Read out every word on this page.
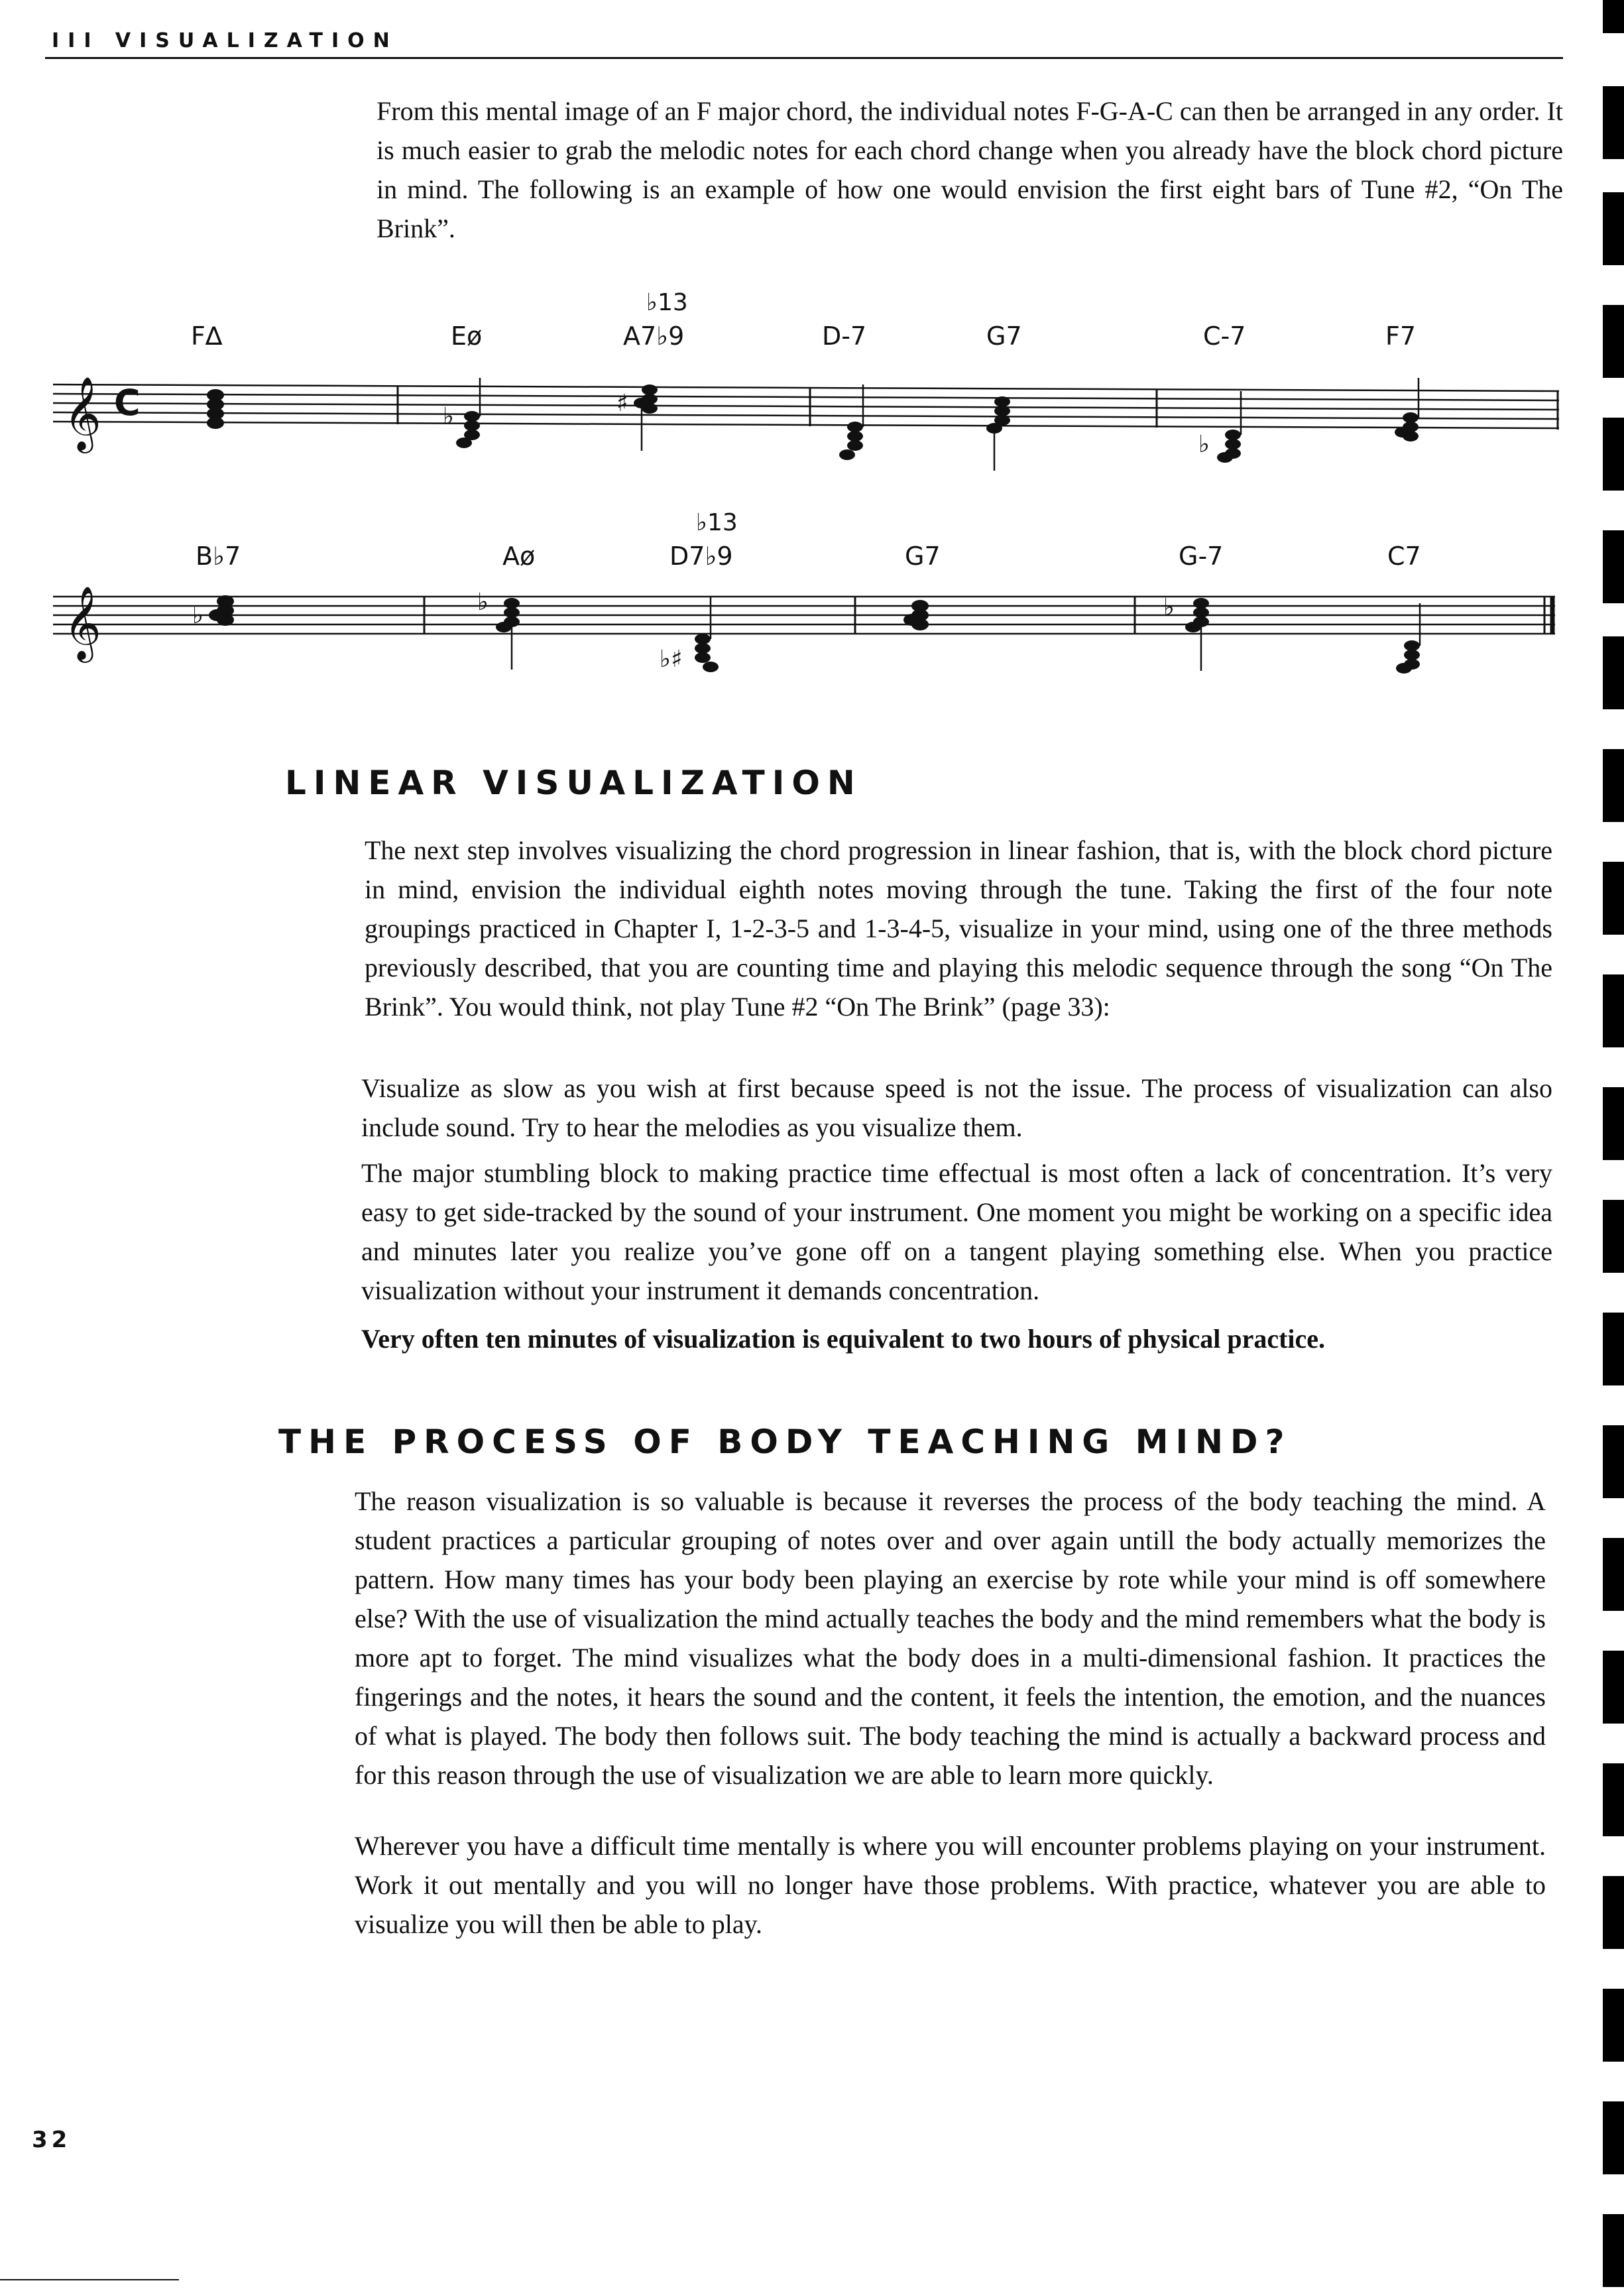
III VISUALIZATION

From this mental image of an F major chord, the individual notes F-G-A-C can then be arranged in any order. It is much easier to grab the melodic notes for each chord change when you already have the block chord picture in mind. The following is an example of how one would envision the first eight bars of Tune #2, “On The Brink”.

F∆	Eø
♭13
A7♭9	D-7	G7	C-7	F7
𝄞 C	♭	♯
♭
B♭7	Aø
♭13
D7♭9	G7	G-7	C7
𝄞	♭	♭
♭♯
♭
LINEAR VISUALIZATION

The next step involves visualizing the chord progression in linear fashion, that is, with the block chord picture in mind, envision the individual eighth notes moving through the tune. Taking the first of the four note groupings practiced in Chapter I, 1-2-3-5 and 1-3-4-5, visualize in your mind, using one of the three methods previously described, that you are counting time and playing this melodic sequence through the song “On The Brink”. You would think, not play Tune #2 “On The Brink” (page 33):

Visualize as slow as you wish at first because speed is not the issue. The process of visualization can also include sound. Try to hear the melodies as you visualize them.

The major stumbling block to making practice time effectual is most often a lack of concentration. It’s very easy to get side-tracked by the sound of your instrument. One moment you might be working on a specific idea and minutes later you realize you’ve gone off on a tangent playing something else. When you practice visualization without your instrument it demands concentration.

Very often ten minutes of visualization is equivalent to two hours of physical practice.

THE PROCESS OF BODY TEACHING MIND?

The reason visualization is so valuable is because it reverses the process of the body teaching the mind. A student practices a particular grouping of notes over and over again untill the body actually memorizes the pattern. How many times has your body been playing an exercise by rote while your mind is off somewhere else? With the use of visualization the mind actually teaches the body and the mind remembers what the body is more apt to forget. The mind visualizes what the body does in a multi-dimensional fashion. It practices the fingerings and the notes, it hears the sound and the content, it feels the intention, the emotion, and the nuances of what is played. The body then follows suit. The body teaching the mind is actually a backward process and for this reason through the use of visualization we are able to learn more quickly.

Wherever you have a difficult time mentally is where you will encounter problems playing on your instrument. Work it out mentally and you will no longer have those problems. With practice, whatever you are able to visualize you will then be able to play.

32
